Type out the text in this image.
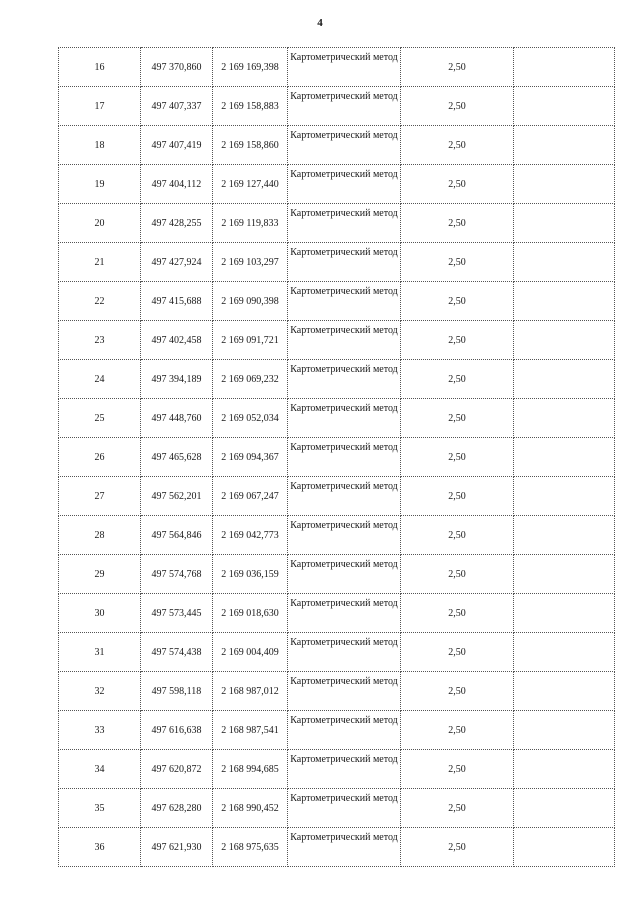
4
16	497 370,860	2 169 169,398	Картометрический метод	2,50	
17	497 407,337	2 169 158,883	Картометрический метод	2,50	
18	497 407,419	2 169 158,860	Картометрический метод	2,50	
19	497 404,112	2 169 127,440	Картометрический метод	2,50	
20	497 428,255	2 169 119,833	Картометрический метод	2,50	
21	497 427,924	2 169 103,297	Картометрический метод	2,50	
22	497 415,688	2 169 090,398	Картометрический метод	2,50	
23	497 402,458	2 169 091,721	Картометрический метод	2,50	
24	497 394,189	2 169 069,232	Картометрический метод	2,50	
25	497 448,760	2 169 052,034	Картометрический метод	2,50	
26	497 465,628	2 169 094,367	Картометрический метод	2,50	
27	497 562,201	2 169 067,247	Картометрический метод	2,50	
28	497 564,846	2 169 042,773	Картометрический метод	2,50	
29	497 574,768	2 169 036,159	Картометрический метод	2,50	
30	497 573,445	2 169 018,630	Картометрический метод	2,50	
31	497 574,438	2 169 004,409	Картометрический метод	2,50	
32	497 598,118	2 168 987,012	Картометрический метод	2,50	
33	497 616,638	2 168 987,541	Картометрический метод	2,50	
34	497 620,872	2 168 994,685	Картометрический метод	2,50	
35	497 628,280	2 168 990,452	Картометрический метод	2,50	
36	497 621,930	2 168 975,635	Картометрический метод	2,50	
